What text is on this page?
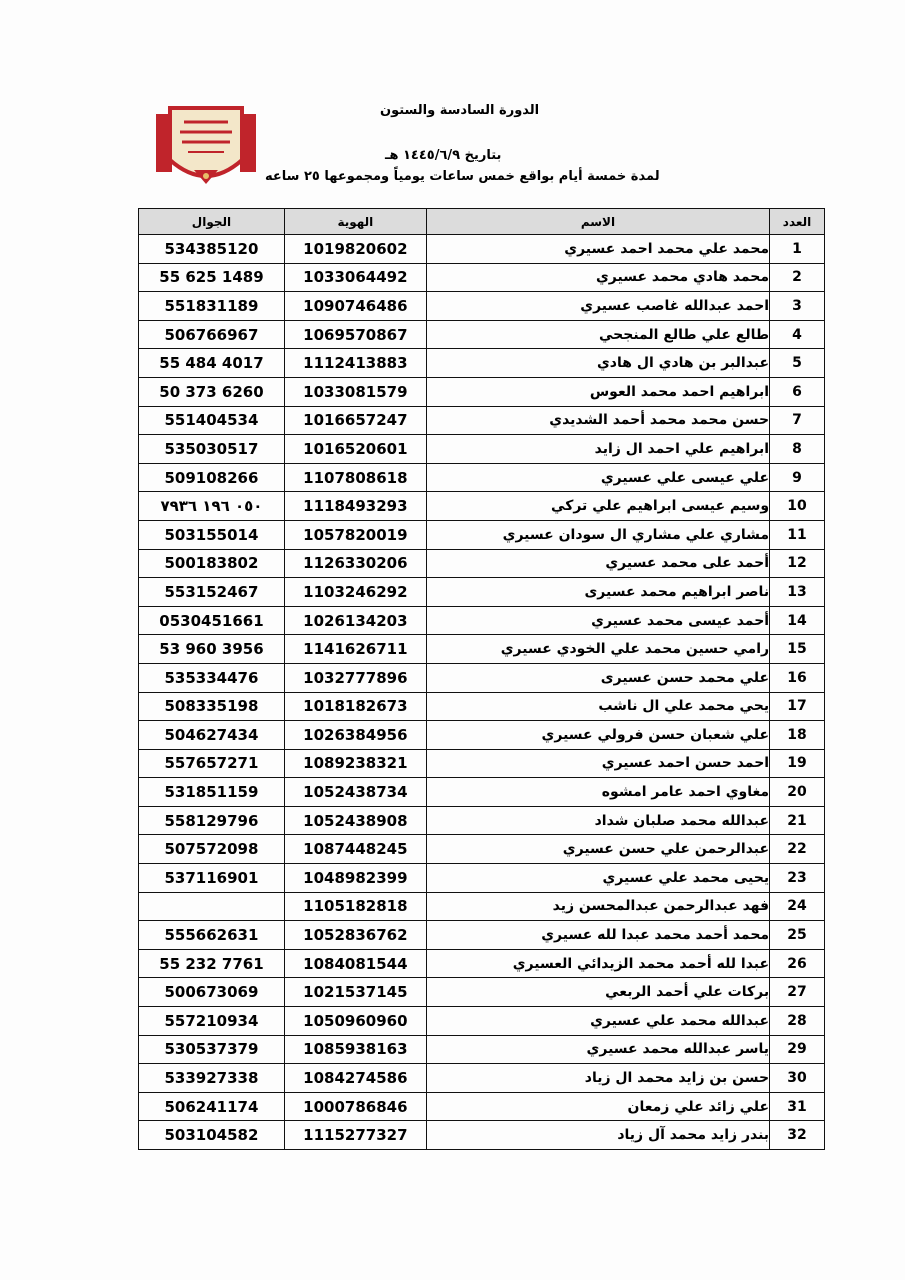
الدورة السادسة والستون
بتاريخ ١٤٤٥/٦/٩ هـ
لمدة خمسة أيام بواقع خمس ساعات يومياً ومجموعها ٢٥ ساعه
العدد	الاسم	الهوية	الجوال
1	محمد علي محمد احمد عسيري	1019820602	534385120
2	محمد هادي محمد عسيري	1033064492	55 625 1489
3	احمد عبدالله غاصب عسيري	1090746486	551831189
4	طالع علي طالع المنجحي	1069570867	506766967
5	عبدالبر بن هادي ال هادي	1112413883	55 484 4017
6	ابراهيم احمد محمد العوس	1033081579	50 373 6260
7	حسن محمد محمد أحمد الشديدي	1016657247	551404534
8	ابراهيم علي احمد ال زايد	1016520601	535030517
9	علي عيسى علي عسيري	1107808618	509108266
10	وسيم عيسى ابراهيم علي تركي	1118493293	٠٥٠ ١٩٦ ٧٩٣٦
11	مشاري علي مشاري ال سودان عسيري	1057820019	503155014
12	أحمد على محمد عسيري	1126330206	500183802
13	ناصر ابراهيم محمد عسيرى	1103246292	553152467
14	أحمد عيسى محمد عسيري	1026134203	0530451661
15	رامي حسين محمد علي الخودي عسيري	1141626711	53 960 3956
16	علي محمد حسن عسيرى	1032777896	535334476
17	يحي محمد علي ال ناشب	1018182673	508335198
18	علي شعبان حسن فرولي عسيري	1026384956	504627434
19	احمد حسن احمد عسيري	1089238321	557657271
20	مغاوي احمد عامر امشوه	1052438734	531851159
21	عبدالله محمد صلبان شداد	1052438908	558129796
22	عبدالرحمن علي حسن عسيري	1087448245	507572098
23	يحيى محمد علي عسيري	1048982399	537116901
24	فهد عبدالرحمن عبدالمحسن زيد	1105182818	
25	محمد أحمد محمد عبدا لله عسيري	1052836762	555662631
26	عبدا لله أحمد محمد الزيدائي العسيري	1084081544	55 232 7761
27	بركات علي أحمد الربعي	1021537145	500673069
28	عبدالله محمد علي عسيري	1050960960	557210934
29	ياسر عبدالله محمد عسيري	1085938163	530537379
30	حسن بن زايد محمد ال زياد	1084274586	533927338
31	علي زائد علي زمعان	1000786846	506241174
32	بندر زايد محمد آل زياد	1115277327	503104582
